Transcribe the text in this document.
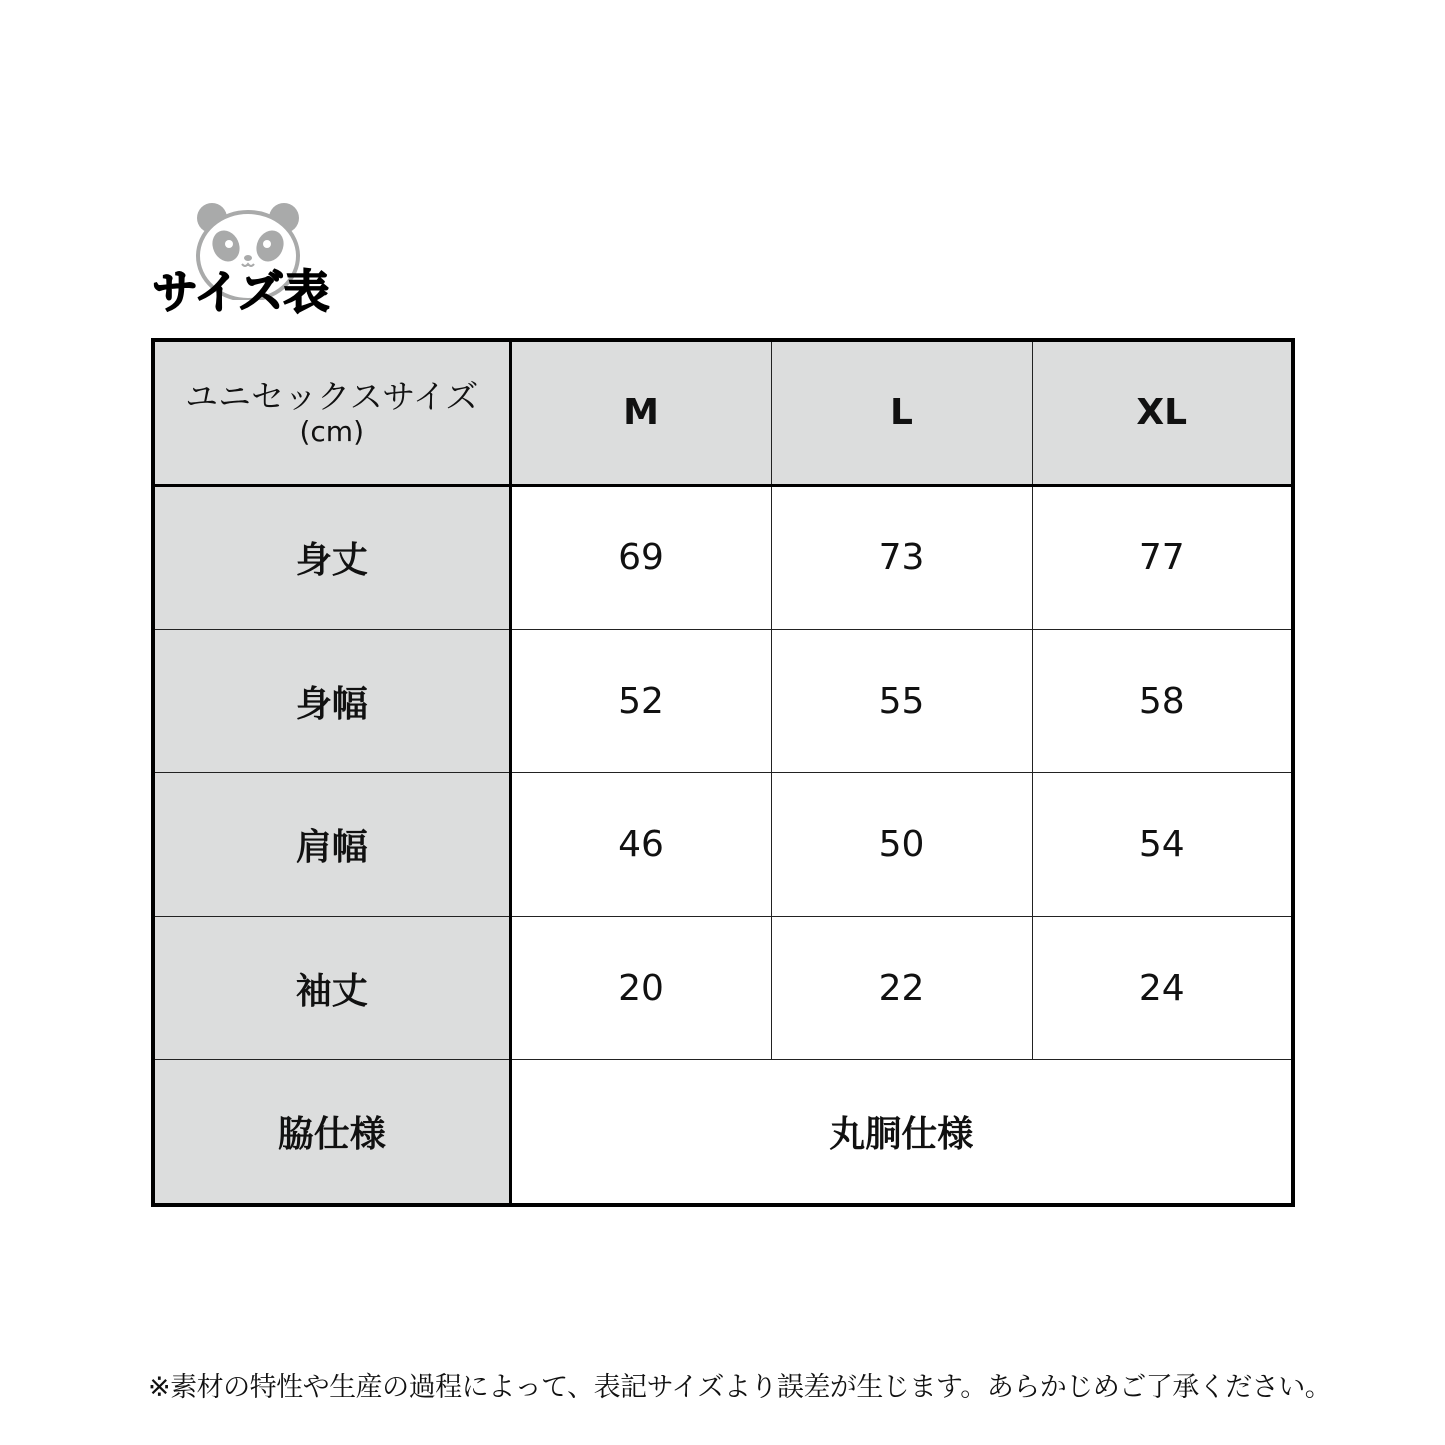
サイズ表
ユニセックスサイズ
(cm)	M	L	XL
身丈	69	73	77
身幅	52	55	58
肩幅	46	50	54
袖丈	20	22	24
脇仕様	丸胴仕様		
※素材の特性や生産の過程によって、表記サイズより誤差が生じます。あらかじめご了承ください。
